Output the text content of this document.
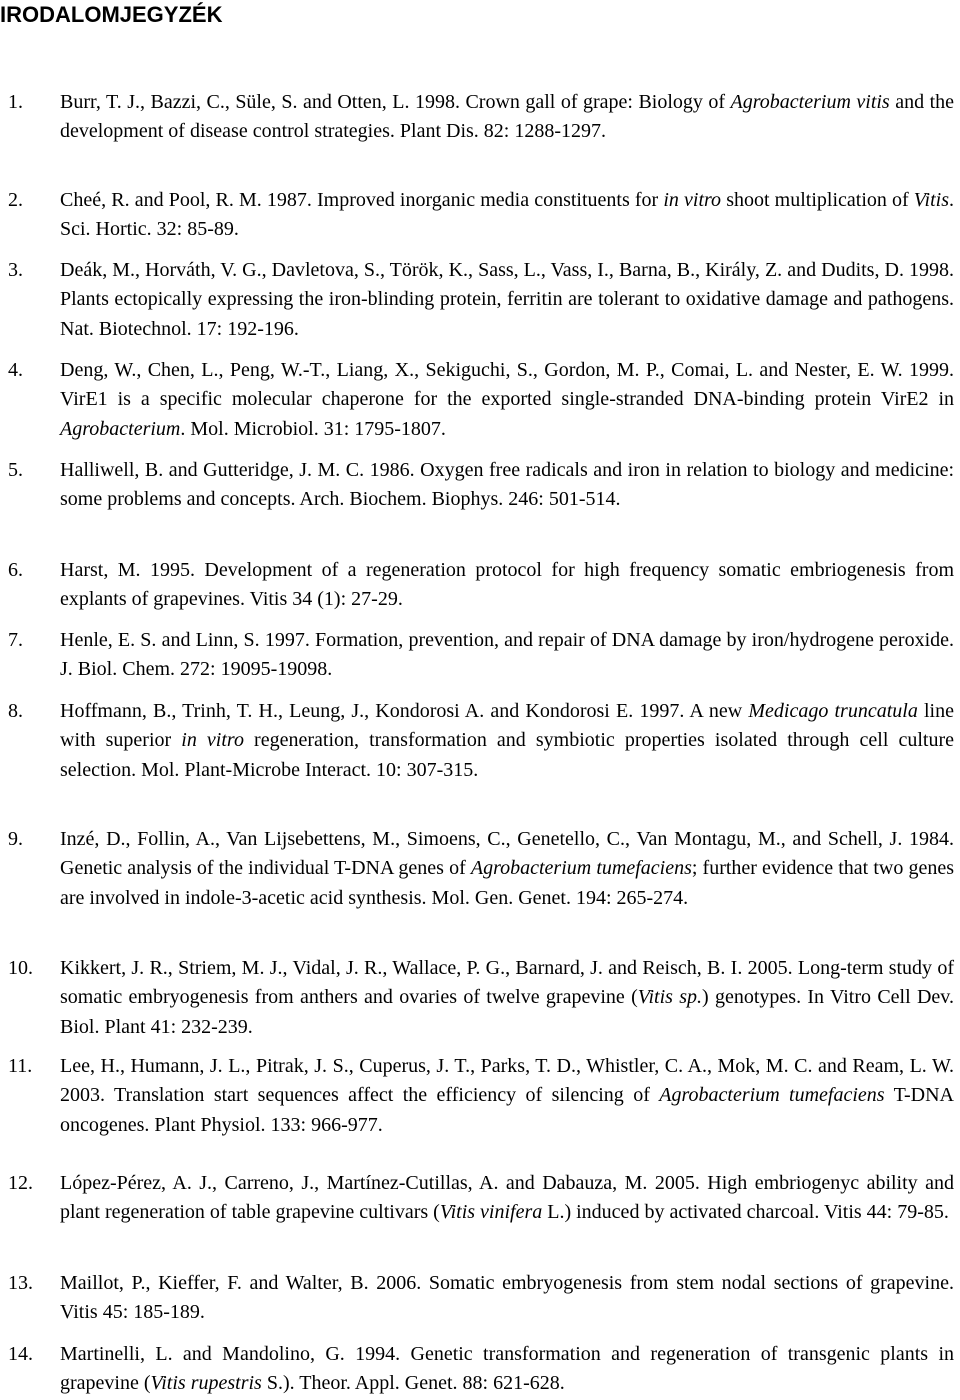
IRODALOMJEGYZÉK
1. Burr, T. J., Bazzi, C., Süle, S. and Otten, L. 1998. Crown gall of grape: Biology of Agrobacterium vitis and the development of disease control strategies. Plant Dis. 82: 1288-1297.
2. Cheé, R. and Pool, R. M. 1987. Improved inorganic media constituents for in vitro shoot multiplication of Vitis. Sci. Hortic. 32: 85-89.
3. Deák, M., Horváth, V. G., Davletova, S., Török, K., Sass, L., Vass, I., Barna, B., Király, Z. and Dudits, D. 1998. Plants ectopically expressing the iron-blinding protein, ferritin are tolerant to oxidative damage and pathogens. Nat. Biotechnol. 17: 192-196.
4. Deng, W., Chen, L., Peng, W.-T., Liang, X., Sekiguchi, S., Gordon, M. P., Comai, L. and Nester, E. W. 1999. VirE1 is a specific molecular chaperone for the exported single-stranded DNA-binding protein VirE2 in Agrobacterium. Mol. Microbiol. 31: 1795-1807.
5. Halliwell, B. and Gutteridge, J. M. C. 1986. Oxygen free radicals and iron in relation to biology and medicine: some problems and concepts. Arch. Biochem. Biophys. 246: 501-514.
6. Harst, M. 1995. Development of a regeneration protocol for high frequency somatic embriogenesis from explants of grapevines. Vitis 34 (1): 27-29.
7. Henle, E. S. and Linn, S. 1997. Formation, prevention, and repair of DNA damage by iron/hydrogene peroxide. J. Biol. Chem. 272: 19095-19098.
8. Hoffmann, B., Trinh, T. H., Leung, J., Kondorosi A. and Kondorosi E. 1997. A new Medicago truncatula line with superior in vitro regeneration, transformation and symbiotic properties isolated through cell culture selection. Mol. Plant-Microbe Interact. 10: 307-315.
9. Inzé, D., Follin, A., Van Lijsebettens, M., Simoens, C., Genetello, C., Van Montagu, M., and Schell, J. 1984. Genetic analysis of the individual T-DNA genes of Agrobacterium tumefaciens; further evidence that two genes are involved in indole-3-acetic acid synthesis. Mol. Gen. Genet. 194: 265-274.
10. Kikkert, J. R., Striem, M. J., Vidal, J. R., Wallace, P. G., Barnard, J. and Reisch, B. I. 2005. Long-term study of somatic embryogenesis from anthers and ovaries of twelve grapevine (Vitis sp.) genotypes. In Vitro Cell Dev. Biol. Plant 41: 232-239.
11. Lee, H., Humann, J. L., Pitrak, J. S., Cuperus, J. T., Parks, T. D., Whistler, C. A., Mok, M. C. and Ream, L. W. 2003. Translation start sequences affect the efficiency of silencing of Agrobacterium tumefaciens T-DNA oncogenes. Plant Physiol. 133: 966-977.
12. López-Pérez, A. J., Carreno, J., Martínez-Cutillas, A. and Dabauza, M. 2005. High embriogenyc ability and plant regeneration of table grapevine cultivars (Vitis vinifera L.) induced by activated charcoal. Vitis 44: 79-85.
13. Maillot, P., Kieffer, F. and Walter, B. 2006. Somatic embryogenesis from stem nodal sections of grapevine. Vitis 45: 185-189.
14. Martinelli, L. and Mandolino, G. 1994. Genetic transformation and regeneration of transgenic plants in grapevine (Vitis rupestris S.). Theor. Appl. Genet. 88: 621-628.
